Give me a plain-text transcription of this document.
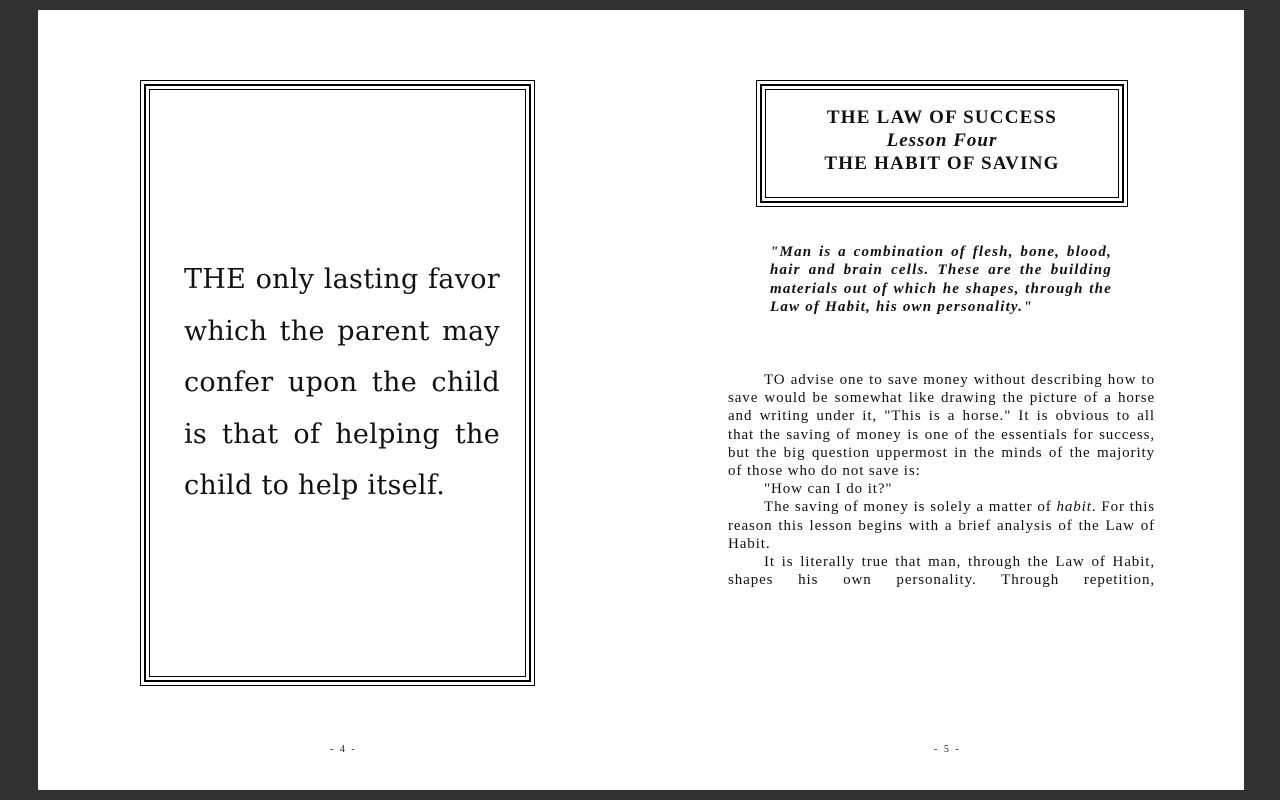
THE only lasting favor which the parent may confer upon the child is that of helping the child to help itself.

- 4 -
THE LAW OF SUCCESS
Lesson Four
THE HABIT OF SAVING

"Man is a combination of flesh, bone, blood, hair and brain cells. These are the building materials out of which he shapes, through the Law of Habit, his own personality."

TO advise one to save money without describing how to save would be somewhat like drawing the picture of a horse and writing under it, "This is a horse." It is obvious to all that the saving of money is one of the essentials for success, but the big question uppermost in the minds of the majority of those who do not save is:

"How can I do it?"

The saving of money is solely a matter of habit. For this reason this lesson begins with a brief analysis of the Law of Habit.

It is literally true that man, through the Law of Habit, shapes his own personality. Through repetition,

- 5 -
